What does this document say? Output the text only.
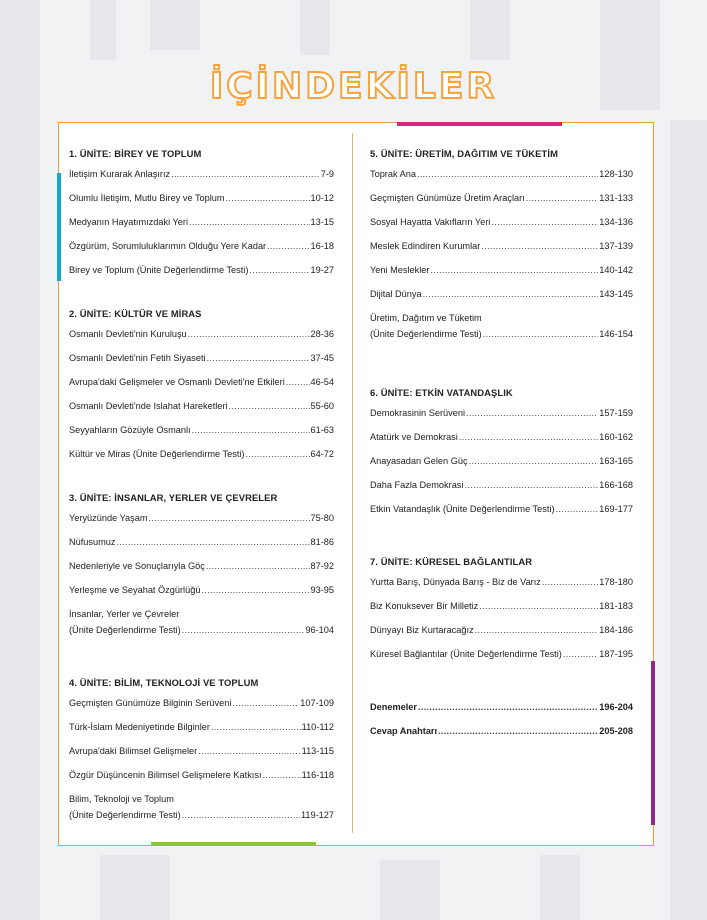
İÇİNDEKİLER
1. ÜNİTE: BİREY VE TOPLUM
İletişim Kurarak Anlaşırız .....	7-9
Olumlu İletişim, Mutlu Birey ve Toplum .....	10-12
Medyanın Hayatımızdaki Yeri .....	13-15
Özgürüm, Sorumluluklarımın Olduğu Yere Kadar .....	16-18
Birey ve Toplum (Ünite Değerlendirme Testi) .....	19-27
2. ÜNİTE: KÜLTÜR VE MİRAS
Osmanlı Devleti'nin Kuruluşu .....	28-36
Osmanlı Devleti'nin Fetih Siyaseti .....	37-45
Avrupa'daki Gelişmeler ve Osmanlı Devleti'ne Etkileri .....	46-54
Osmanlı Devleti'nde Islahat Hareketleri .....	55-60
Seyyahların Gözüyle Osmanlı .....	61-63
Kültür ve Miras (Ünite Değerlendirme Testi) .....	64-72
3. ÜNİTE: İNSANLAR, YERLER VE ÇEVRELER
Yeryüzünde Yaşam .....	75-80
Nüfusumuz .....	81-86
Nedenleriyle ve Sonuçlarıyla Göç .....	87-92
Yerleşme ve Seyahat Özgürlüğü .....	93-95
İnsanlar, Yerler ve Çevreler
(Ünite Değerlendirme Testi) .....	96-104
4. ÜNİTE: BİLİM, TEKNOLOJİ VE TOPLUM
Geçmişten Günümüze Bilginin Serüveni .....	107-109
Türk-İslam Medeniyetinde Bilginler .....	110-112
Avrupa'daki Bilimsel Gelişmeler .....	113-115
Özgür Düşüncenin Bilimsel Gelişmelere Katkısı .....	116-118
Bilim, Teknoloji ve Toplum
(Ünite Değerlendirme Testi) .....	119-127
5. ÜNİTE: ÜRETİM, DAĞITIM VE TÜKETİM
Toprak Ana .....	128-130
Geçmişten Günümüze Üretim Araçları .....	131-133
Sosyal Hayatta Vakıfların Yeri .....	134-136
Meslek Edindiren Kurumlar .....	137-139
Yeni Meslekler .....	140-142
Dijital Dünya .....	143-145
Üretim, Dağıtım ve Tüketim
(Ünite Değerlendirme Testi) .....	146-154
6. ÜNİTE: ETKİN VATANDAŞLIK
Demokrasinin Serüveni .....	157-159
Atatürk ve Demokrasi .....	160-162
Anayasadan Gelen Güç .....	163-165
Daha Fazla Demokrasi .....	166-168
Etkin Vatandaşlık (Ünite Değerlendirme Testi) .....	169-177
7. ÜNİTE: KÜRESEL BAĞLANTILAR
Yurtta Barış, Dünyada Barış - Biz de Varız .....	178-180
Biz Konuksever Bir Milletiz .....	181-183
Dünyayı Biz Kurtaracağız .....	184-186
Küresel Bağlantılar (Ünite Değerlendirme Testi) .....	187-195
Denemeler .....	196-204
Cevap Anahtarı .....	205-208
